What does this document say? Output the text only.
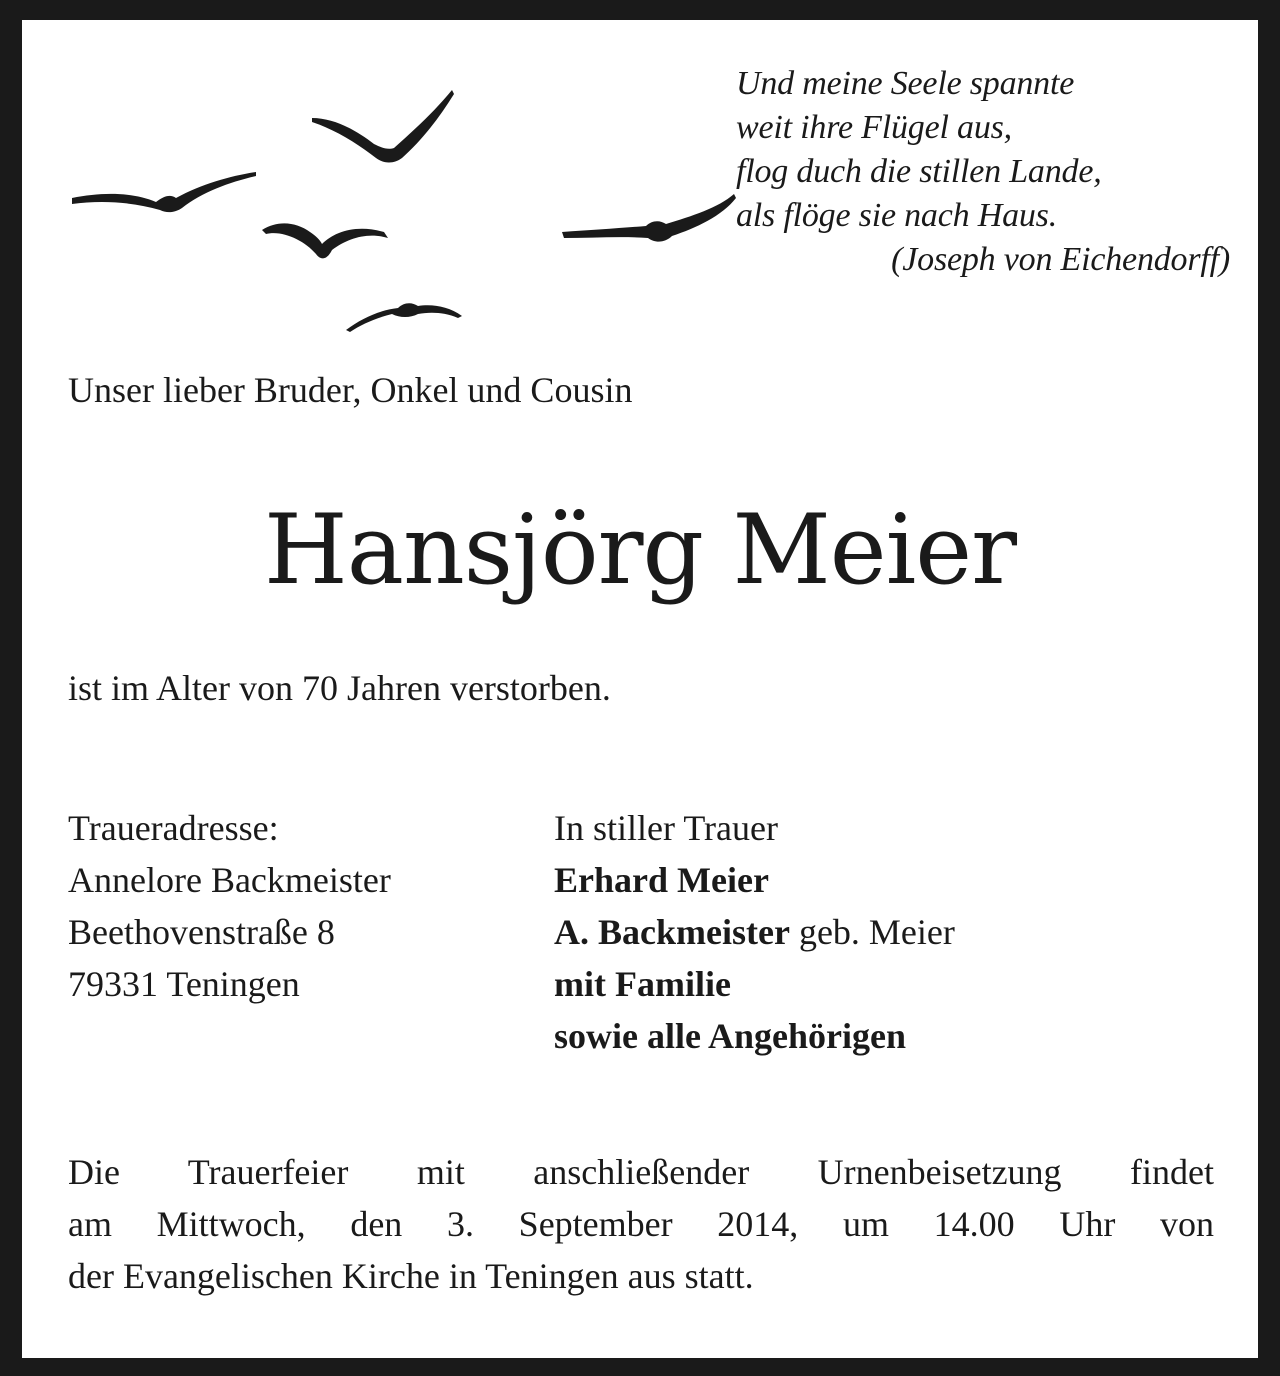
Und meine Seele spannte
weit ihre Flügel aus,
flog duch die stillen Lande,
als flöge sie nach Haus.
(Joseph von Eichendorff)
Unser lieber Bruder, Onkel und Cousin
Hansjörg Meier
ist im Alter von 70 Jahren verstorben.
Traueradresse:
Annelore Backmeister
Beethovenstraße 8
79331 Teningen
In stiller Trauer
Erhard Meier
A. Backmeister geb. Meier
mit Familie
sowie alle Angehörigen
Die Trauerfeier mit anschließender Urnenbeisetzung findet
am Mittwoch, den 3. September 2014, um 14.00 Uhr von
der Evangelischen Kirche in Teningen aus statt.
